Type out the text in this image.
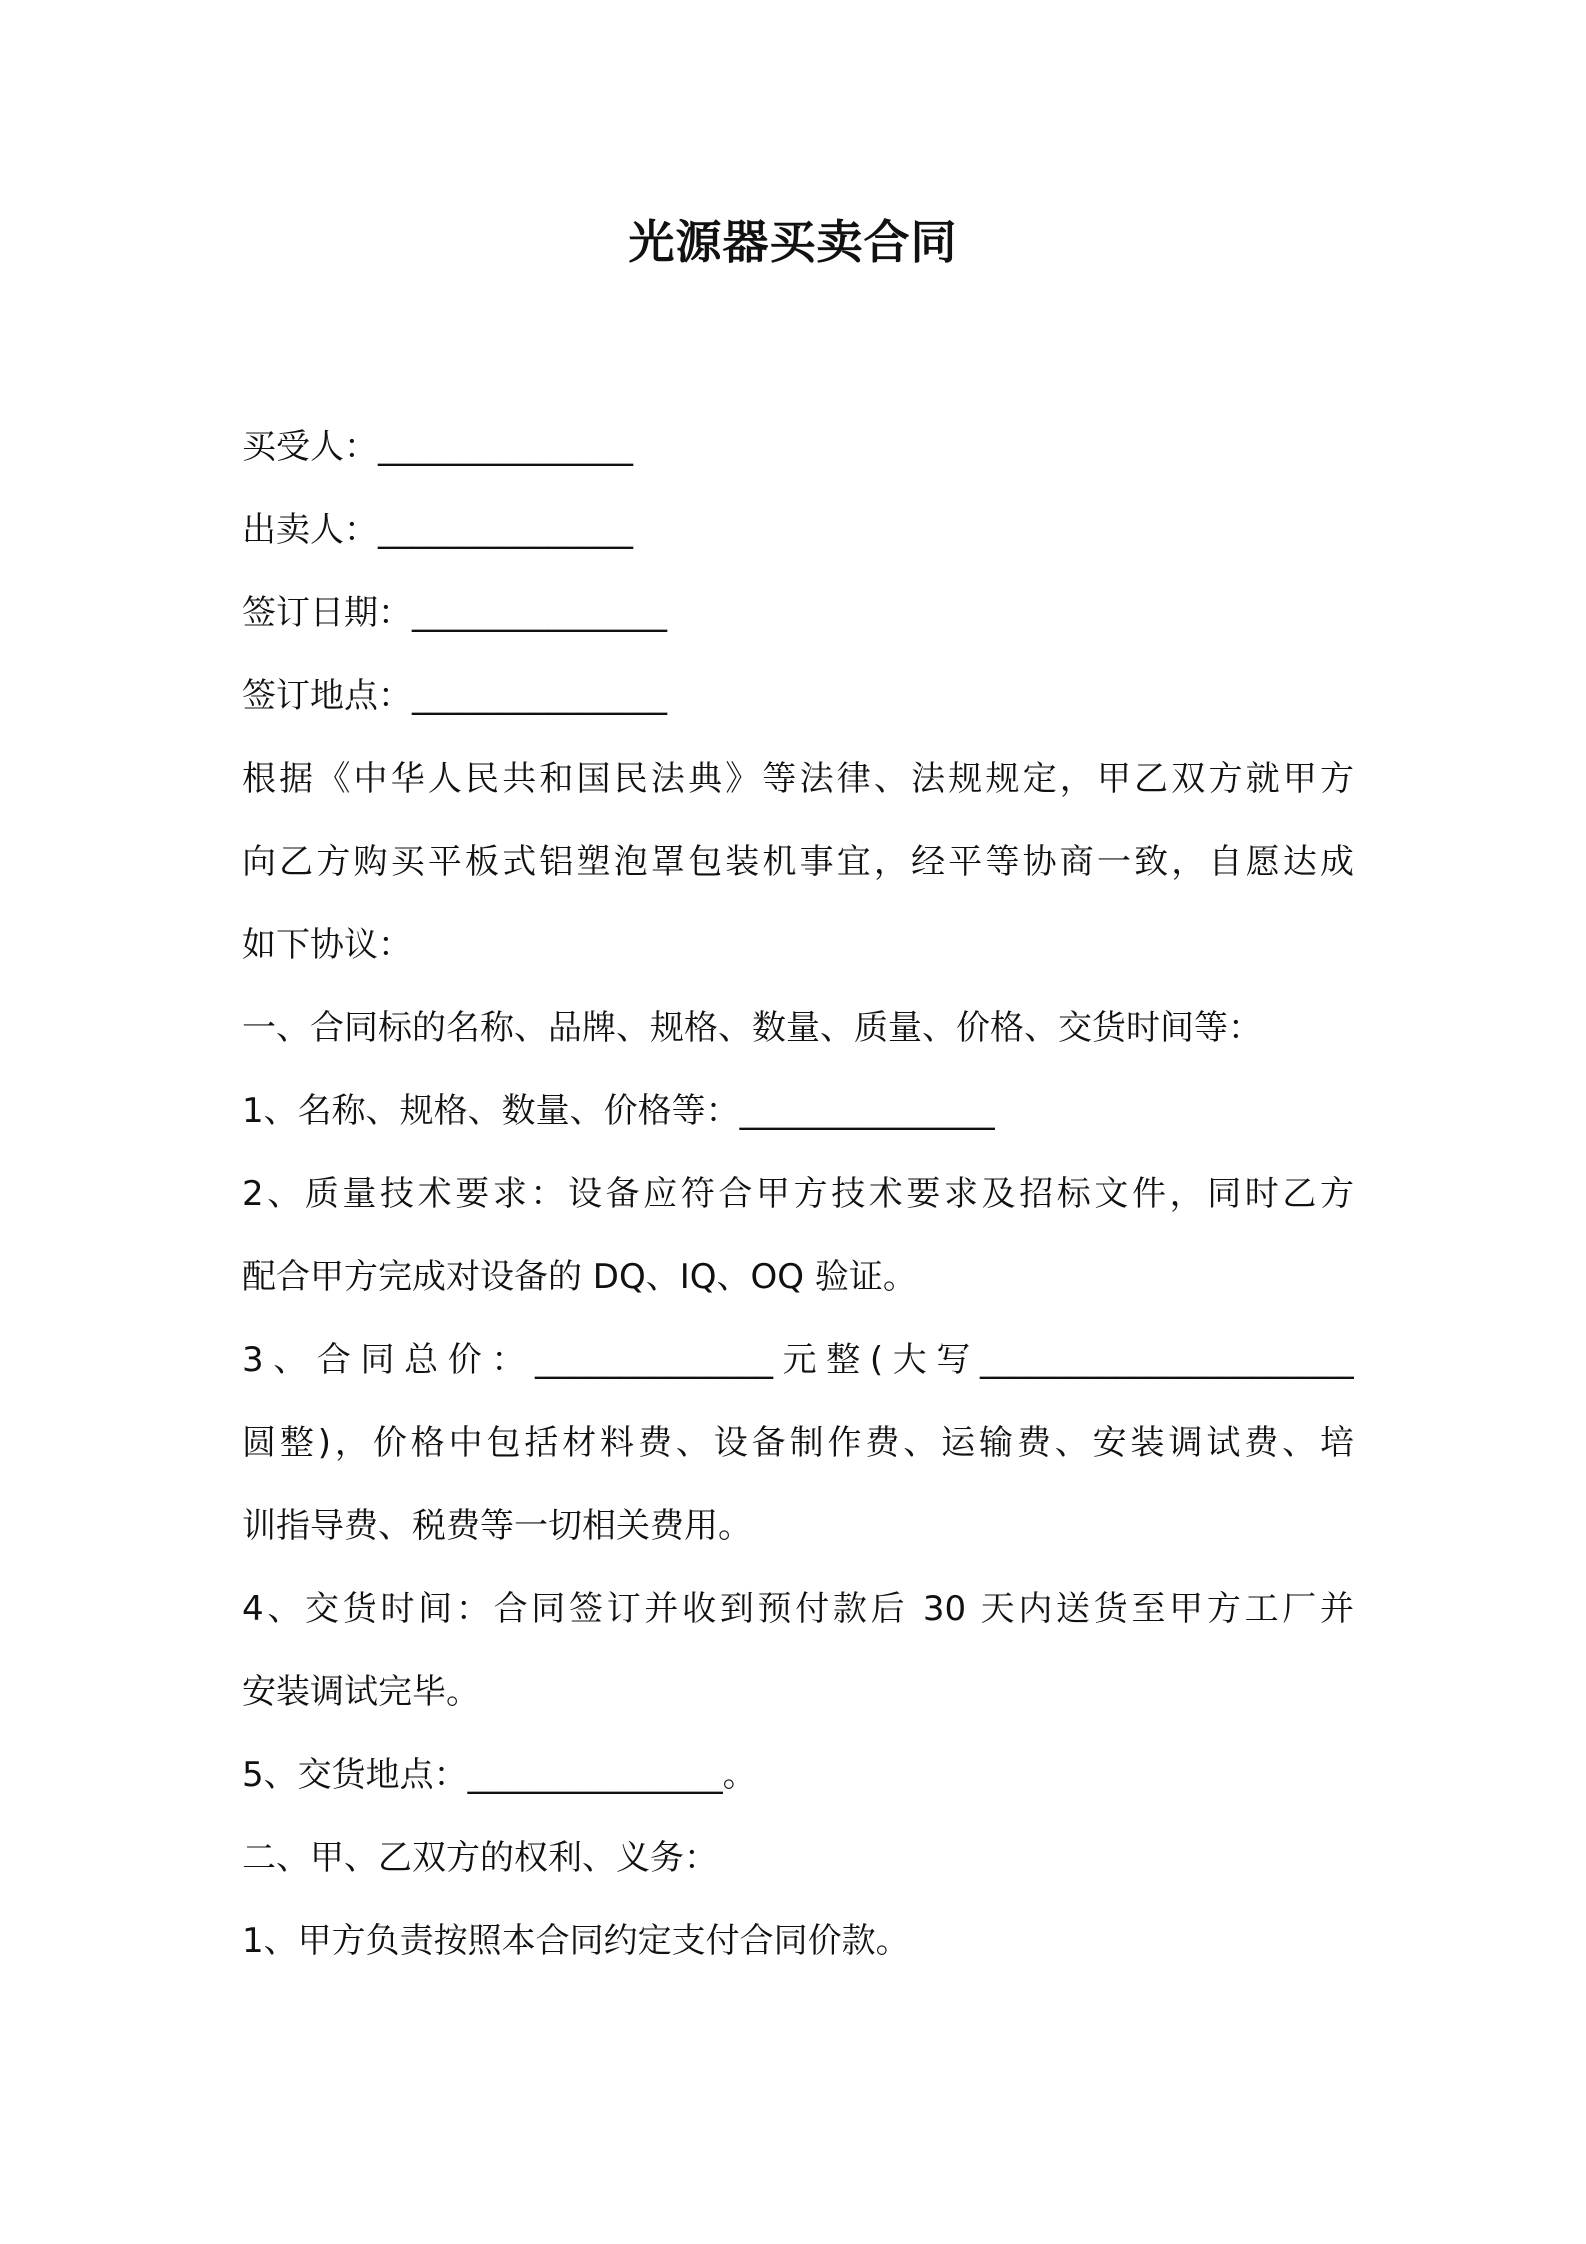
光源器买卖合同
买受人：_______________
出卖人：_______________
签订日期：_______________
签订地点：_______________
根据《中华人民共和国民法典》等法律、法规规定，甲乙双方就甲方
向乙方购买平板式铝塑泡罩包装机事宜，经平等协商一致，自愿达成
如下协议：
一、合同标的名称、品牌、规格、数量、质量、价格、交货时间等：
1、名称、规格、数量、价格等：_______________
2、质量技术要求：设备应符合甲方技术要求及招标文件，同时乙方
配合甲方完成对设备的 DQ、IQ、OQ 验证。
3、合同总价：______________元整(大写______________________
圆整)，价格中包括材料费、设备制作费、运输费、安装调试费、培
训指导费、税费等一切相关费用。
4、交货时间：合同签订并收到预付款后 30 天内送货至甲方工厂并
安装调试完毕。
5、交货地点：_______________。
二、甲、乙双方的权利、义务：
1、甲方负责按照本合同约定支付合同价款。
